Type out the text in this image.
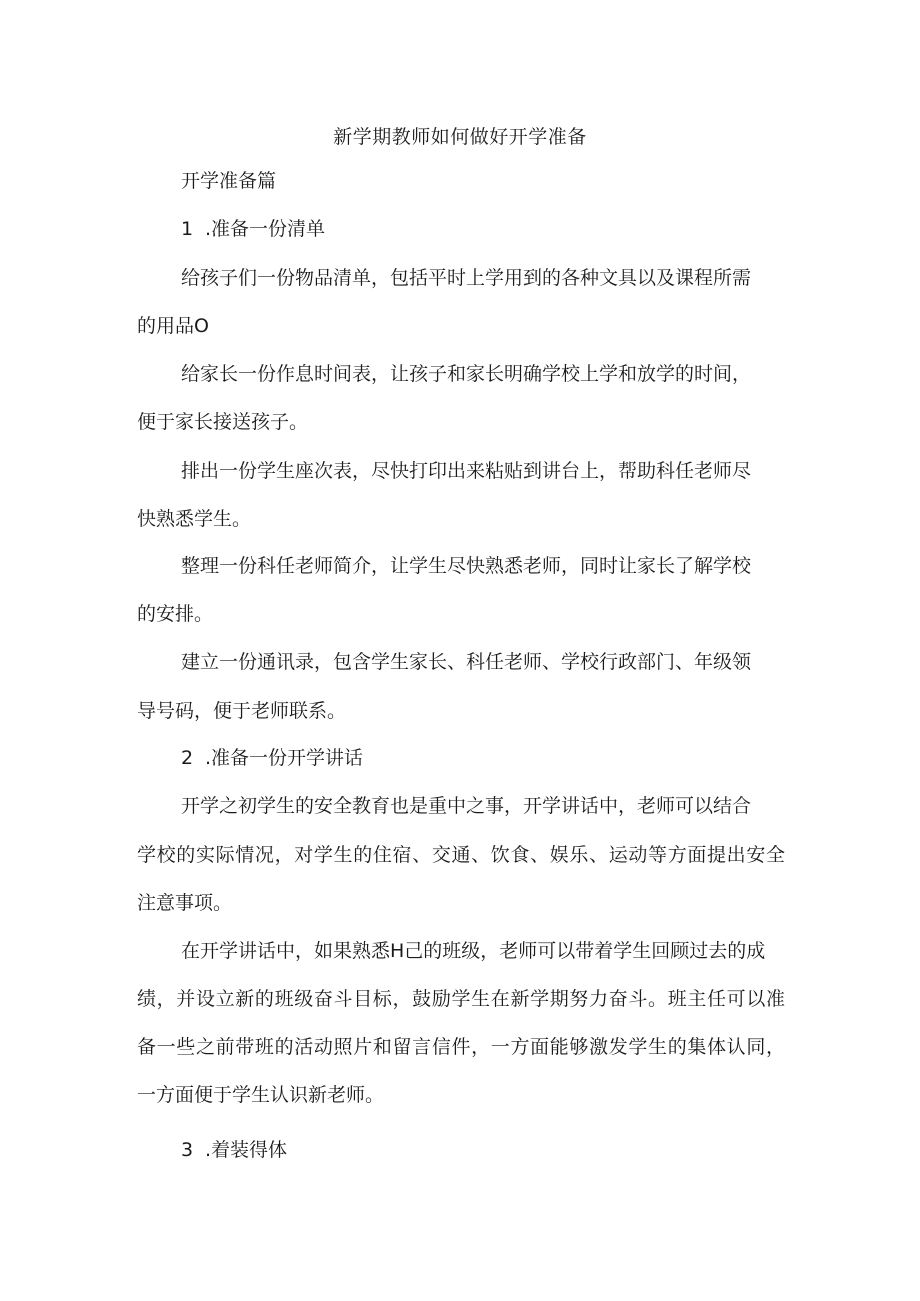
新学期教师如何做好开学准备

开学准备篇

1 .准备一份清单

给孩子们一份物品清单，包括平时上学用到的各种文具以及课程所需

的用品O

给家长一份作息时间表，让孩子和家长明确学校上学和放学的时间，

便于家长接送孩子。

排出一份学生座次表，尽快打印出来粘贴到讲台上，帮助科任老师尽

快熟悉学生。

整理一份科任老师简介，让学生尽快熟悉老师，同时让家长了解学校

的安排。

建立一份通讯录，包含学生家长、科任老师、学校行政部门、年级领

导号码，便于老师联系。

2 .准备一份开学讲话

开学之初学生的安全教育也是重中之事，开学讲话中，老师可以结合

学校的实际情况，对学生的住宿、交通、饮食、娱乐、运动等方面提出安全

注意事项。

在开学讲话中，如果熟悉H己的班级，老师可以带着学生回顾过去的成

绩，并设立新的班级奋斗目标，鼓励学生在新学期努力奋斗。班主任可以准

备一些之前带班的活动照片和留言信件，一方面能够激发学生的集体认同，

一方面便于学生认识新老师。

3 .着装得体
